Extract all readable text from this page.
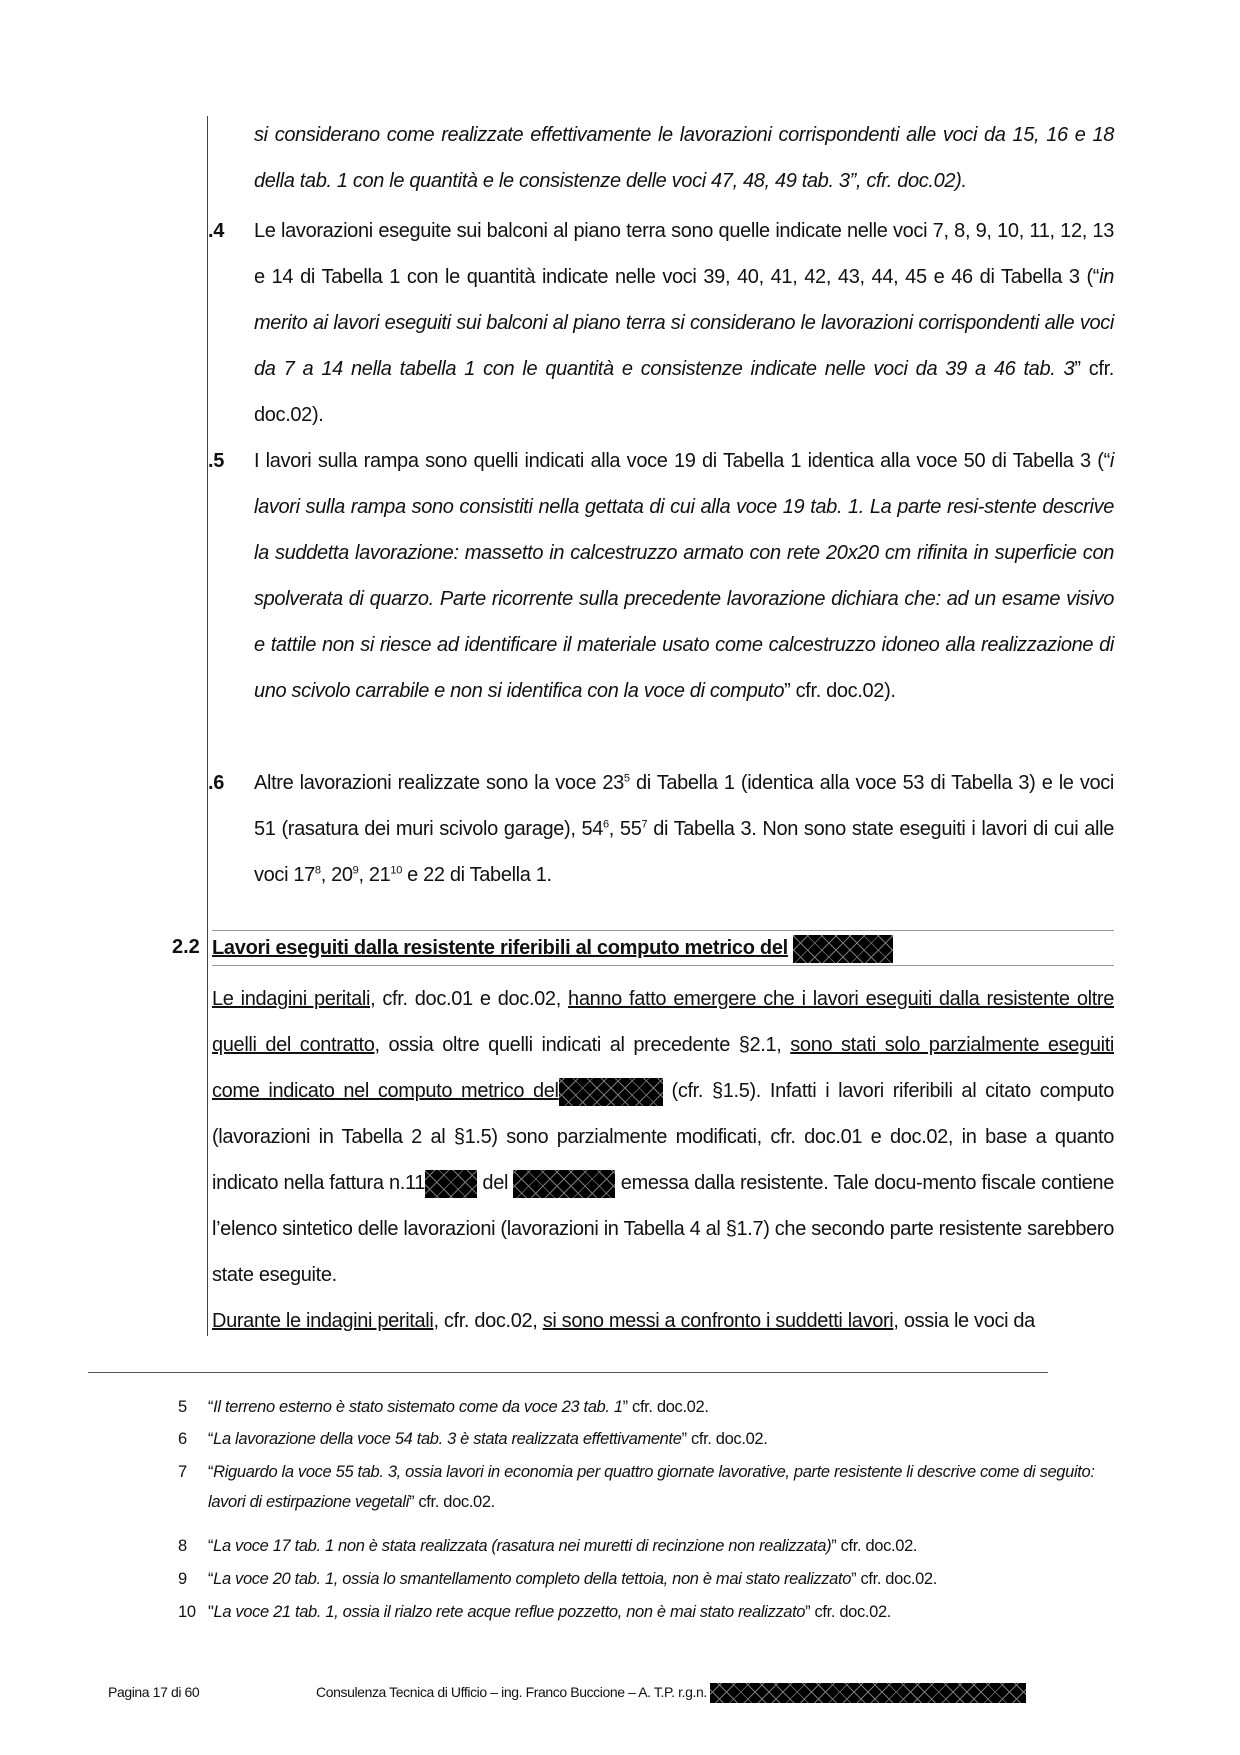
si considerano come realizzate effettivamente le lavorazioni corrispondenti alle voci da 15, 16 e 18 della tab. 1 con le quantità e le consistenze delle voci 47, 48, 49 tab. 3”, cfr. doc.02).
.4 Le lavorazioni eseguite sui balconi al piano terra sono quelle indicate nelle voci 7, 8, 9, 10, 11, 12, 13 e 14 di Tabella 1 con le quantità indicate nelle voci 39, 40, 41, 42, 43, 44, 45 e 46 di Tabella 3 (“in merito ai lavori eseguiti sui balconi al piano terra si considerano le lavorazioni corrispondenti alle voci da 7 a 14 nella tabella 1 con le quantità e consistenze indicate nelle voci da 39 a 46 tab. 3” cfr. doc.02).
.5 I lavori sulla rampa sono quelli indicati alla voce 19 di Tabella 1 identica alla voce 50 di Tabella 3 (“i lavori sulla rampa sono consistiti nella gettata di cui alla voce 19 tab. 1. La parte resi-stente descrive la suddetta lavorazione: massetto in calcestruzzo armato con rete 20x20 cm rifinita in superficie con spolverata di quarzo. Parte ricorrente sulla precedente lavorazione dichiara che: ad un esame visivo e tattile non si riesce ad identificare il materiale usato come calcestruzzo idoneo alla realizzazione di uno scivolo carrabile e non si identifica con la voce di computo” cfr. doc.02).
.6 Altre lavorazioni realizzate sono la voce $23^5$ di Tabella 1 (identica alla voce 53 di Tabella 3) e le voci 51 (rasatura dei muri scivolo garage), $54^6$, $55^7$ di Tabella 3. Non sono state eseguiti i lavori di cui alle voci $17^8$, $20^9$, $21^{10}$ e 22 di Tabella 1.
2.2 Lavori eseguiti dalla resistente riferibili al computo metrico del
Le indagini peritali, cfr. doc.01 e doc.02, hanno fatto emergere che i lavori eseguiti dalla resistente oltre quelli del contratto, ossia oltre quelli indicati al precedente §2.1, sono stati solo parzialmente eseguiti come indicato nel computo metrico del	(cfr. §1.5). Infatti i lavori riferibili al citato computo (lavorazioni in Tabella 2 al §1.5) sono parzialmente modificati, cfr. doc.01 e doc.02, in base a quanto indicato nella fattura n.11	del	emessa dalla resistente. Tale docu-mento fiscale contiene l’elenco sintetico delle lavorazioni (lavorazioni in Tabella 4 al §1.7) che secondo parte resistente sarebbero state eseguite.
Durante le indagini peritali, cfr. doc.02, si sono messi a confronto i suddetti lavori, ossia le voci da
5	“Il terreno esterno è stato sistemato come da voce 23 tab. 1” cfr. doc.02.
6	“La lavorazione della voce 54 tab. 3 è stata realizzata effettivamente” cfr. doc.02.
7	“Riguardo la voce 55 tab. 3, ossia lavori in economia per quattro giornate lavorative, parte resistente li descrive come di seguito: lavori di estirpazione vegetali” cfr. doc.02.
8	“La voce 17 tab. 1 non è stata realizzata (rasatura nei muretti di recinzione non realizzata)” cfr. doc.02.
9	“La voce 20 tab. 1, ossia lo smantellamento completo della tettoia, non è mai stato realizzato” cfr. doc.02.
10 "La voce 21 tab. 1, ossia il rialzo rete acque reflue pozzetto, non è mai stato realizzato” cfr. doc.02.
Pagina 17 di 60	Consulenza Tecnica di Ufficio – ing. Franco Buccione – A. T.P. r.g.n.
